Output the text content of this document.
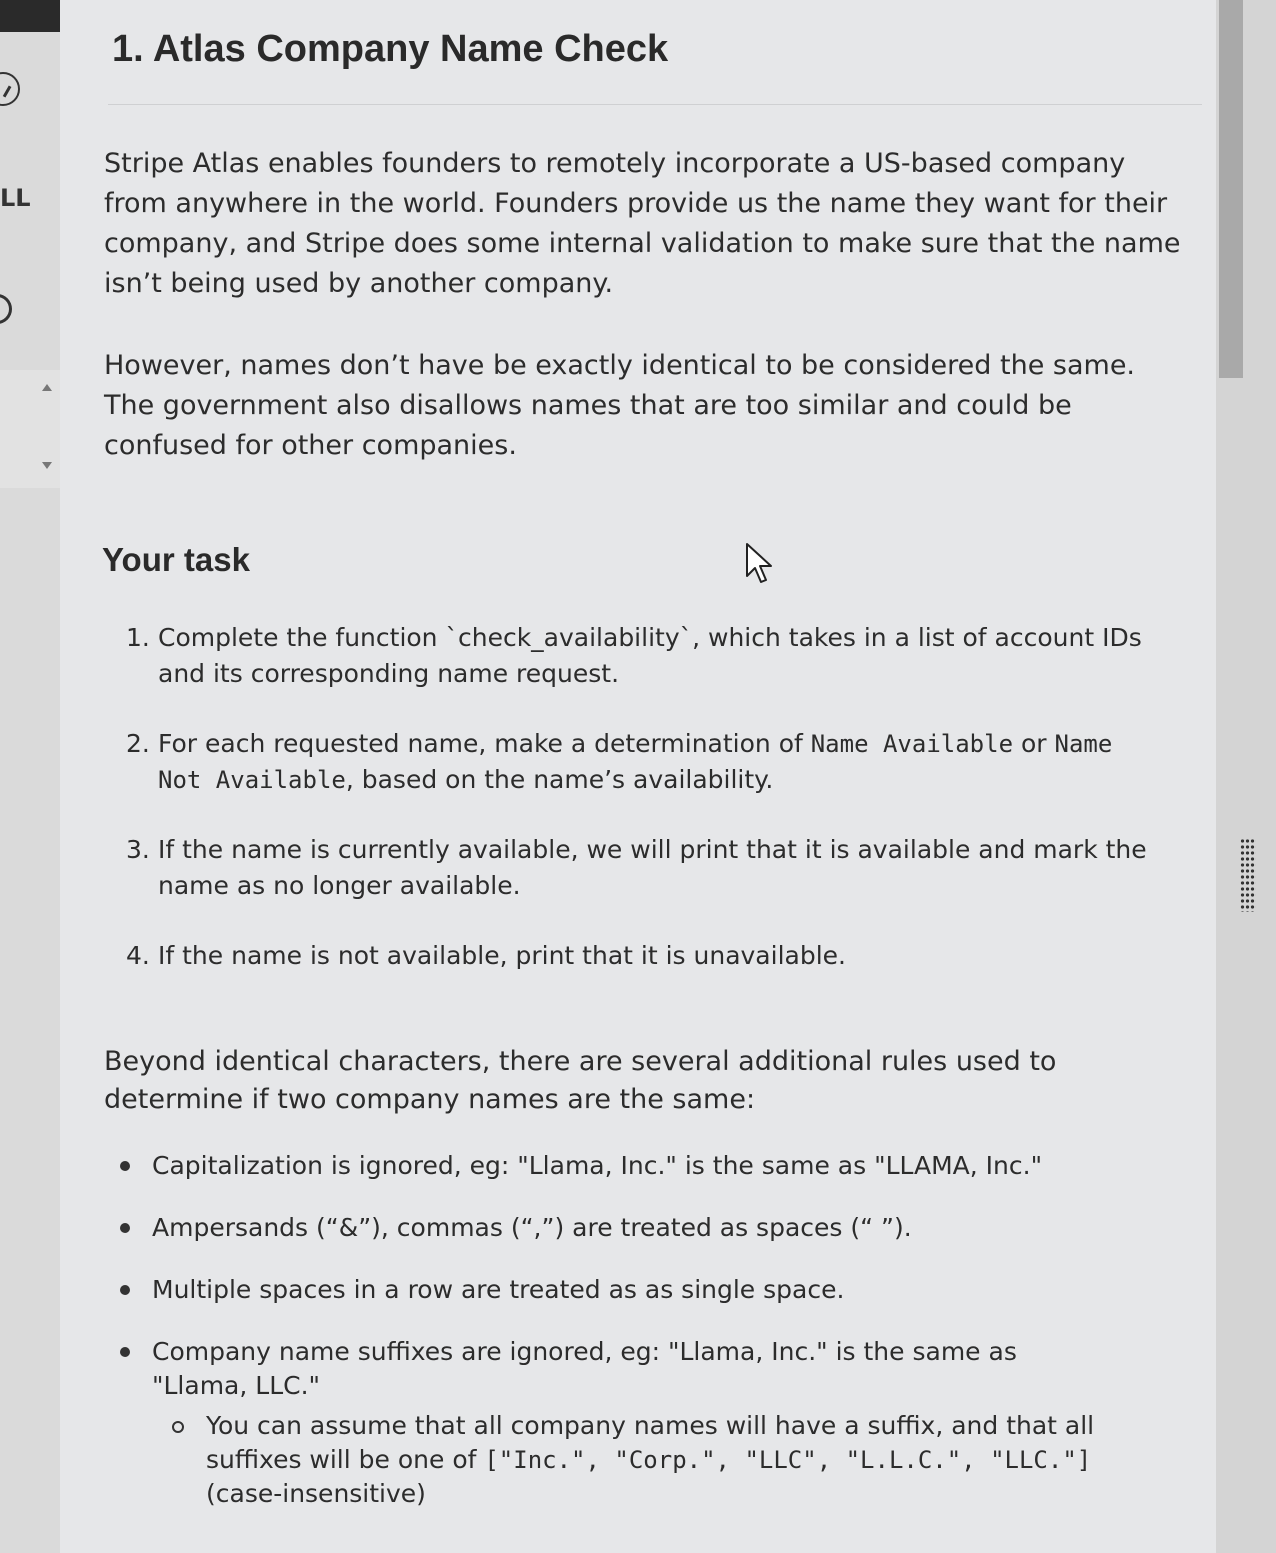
LL
1. Atlas Company Name Check

Stripe Atlas enables founders to remotely incorporate a US-based company from anywhere in the world. Founders provide us the name they want for their company, and Stripe does some internal validation to make sure that the name isn’t being used by another company.

However, names don’t have be exactly identical to be considered the same. The government also disallows names that are too similar and could be confused for other companies.

Your task
1. Complete the function `check_availability`, which takes in a list of account IDs and its corresponding name request.
2. For each requested name, make a determination of Name Available or Name Not Available, based on the name’s availability.
3. If the name is currently available, we will print that it is available and mark the name as no longer available.
4. If the name is not available, print that it is unavailable.

Beyond identical characters, there are several additional rules used to determine if two company names are the same:

Capitalization is ignored, eg: "Llama, Inc." is the same as "LLAMA, Inc."
Ampersands (“&”), commas (“,”) are treated as spaces (“ ”).
Multiple spaces in a row are treated as as single space.
Company name suffixes are ignored, eg: "Llama, Inc." is the same as "Llama, LLC."
You can assume that all company names will have a suffix, and that all suffixes will be one of ["Inc.", "Corp.", "LLC", "L.L.C.", "LLC."] (case-insensitive)
